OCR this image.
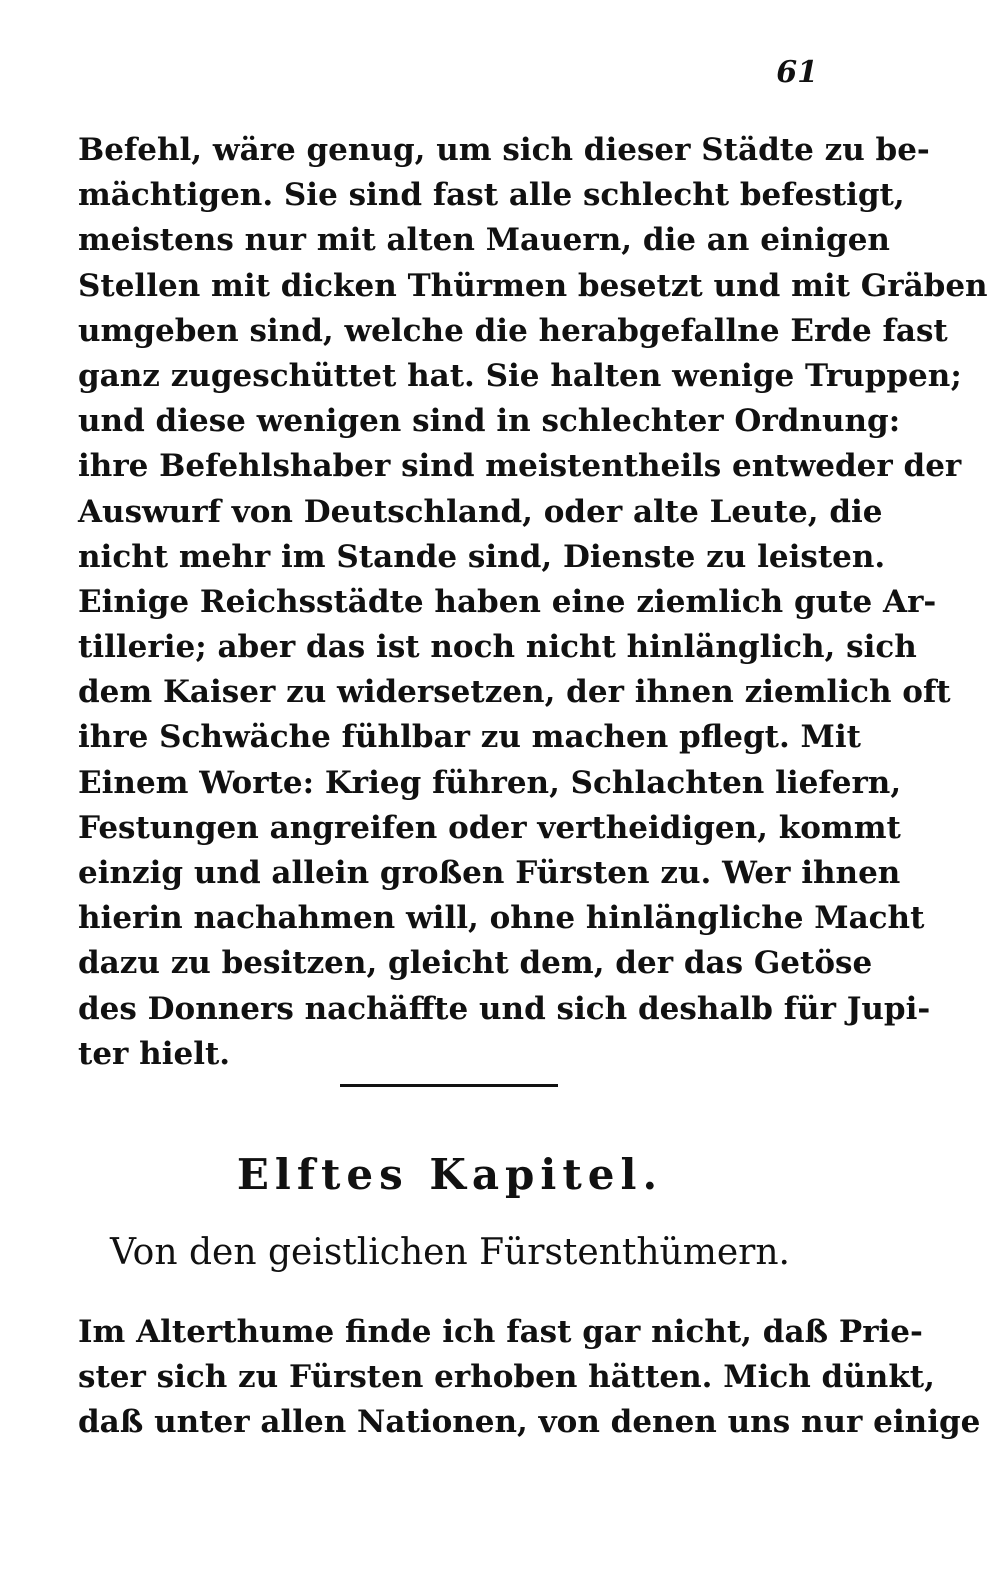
61
Befehl, wäre genug, um sich dieser Städte zu be-
mächtigen. Sie sind fast alle schlecht befestigt,
meistens nur mit alten Mauern, die an einigen
Stellen mit dicken Thürmen besetzt und mit Gräben
umgeben sind, welche die herabgefallne Erde fast
ganz zugeschüttet hat. Sie halten wenige Truppen;
und diese wenigen sind in schlechter Ordnung:
ihre Befehlshaber sind meistentheils entweder der
Auswurf von Deutschland, oder alte Leute, die
nicht mehr im Stande sind, Dienste zu leisten.
Einige Reichsstädte haben eine ziemlich gute Ar-
tillerie; aber das ist noch nicht hinlänglich, sich
dem Kaiser zu widersetzen, der ihnen ziemlich oft
ihre Schwäche fühlbar zu machen pflegt. Mit
Einem Worte: Krieg führen, Schlachten liefern,
Festungen angreifen oder vertheidigen, kommt
einzig und allein großen Fürsten zu. Wer ihnen
hierin nachahmen will, ohne hinlängliche Macht
dazu zu besitzen, gleicht dem, der das Getöse
des Donners nachäffte und sich deshalb für Jupi-
ter hielt.
Elftes Kapitel.
Von den geistlichen Fürstenthümern.
Im Alterthume finde ich fast gar nicht, daß Prie-
ster sich zu Fürsten erhoben hätten. Mich dünkt,
daß unter allen Nationen, von denen uns nur einige
